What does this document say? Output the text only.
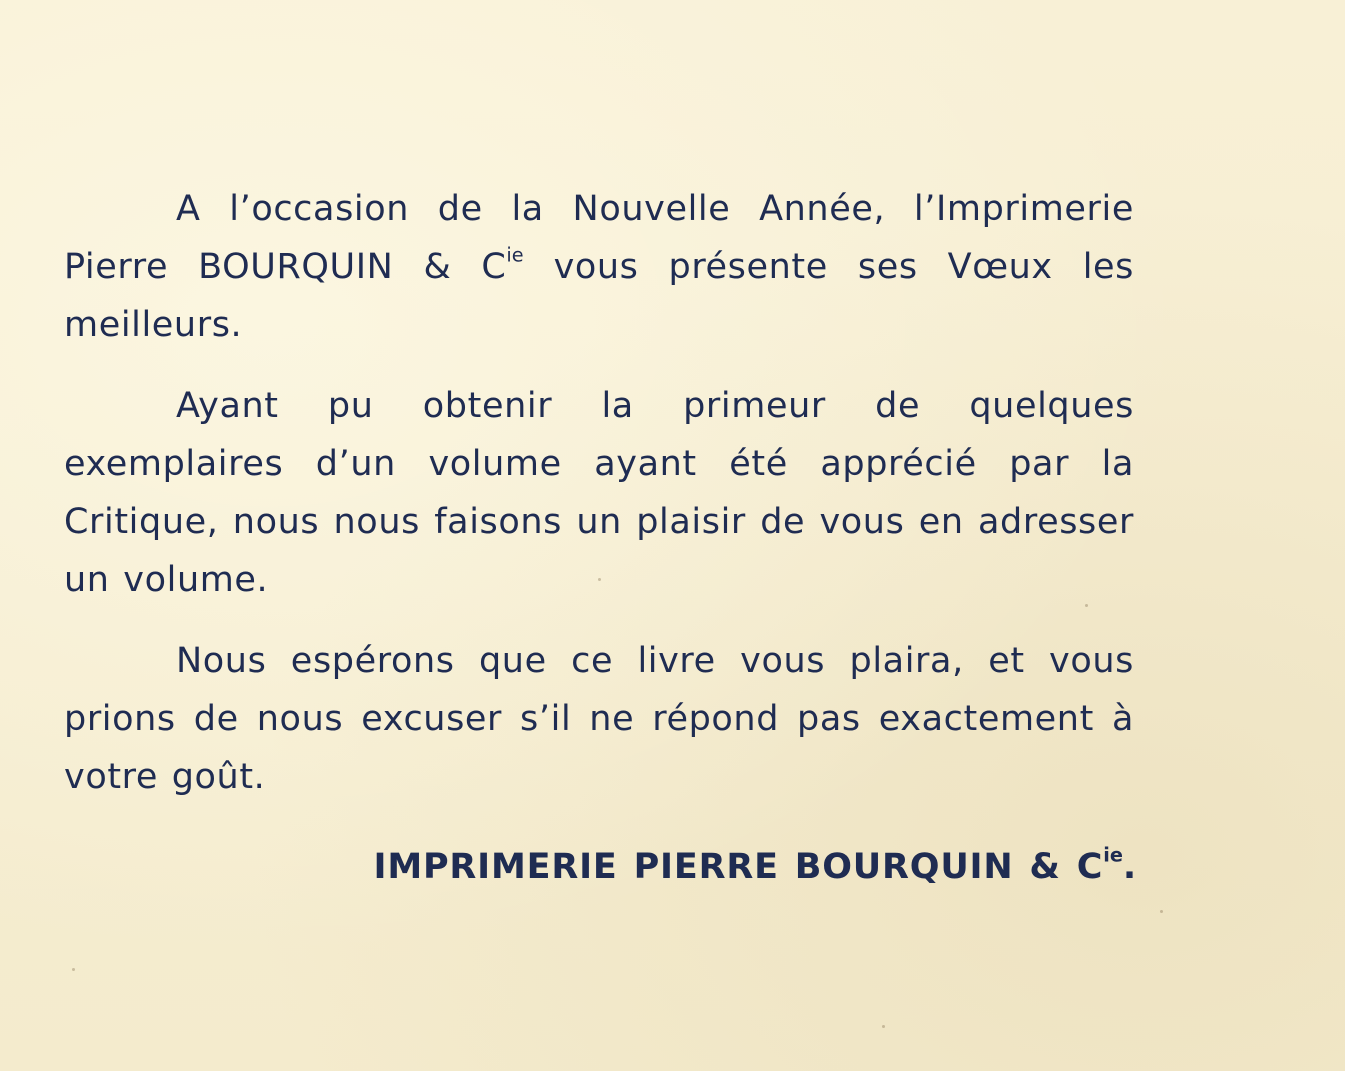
A l’occasion de la Nouvelle Année, l’Imprimerie Pierre BOURQUIN & $C^{ie}$ vous présente ses Vœux les meilleurs.

Ayant pu obtenir la primeur de quelques exemplaires d’un volume ayant été apprécié par la Critique, nous nous faisons un plaisir de vous en adresser un volume.

Nous espérons que ce livre vous plaira, et vous prions de nous excuser s’il ne répond pas exactement à votre goût.

IMPRIMERIE PIERRE BOURQUIN & $C^{ie}$.
